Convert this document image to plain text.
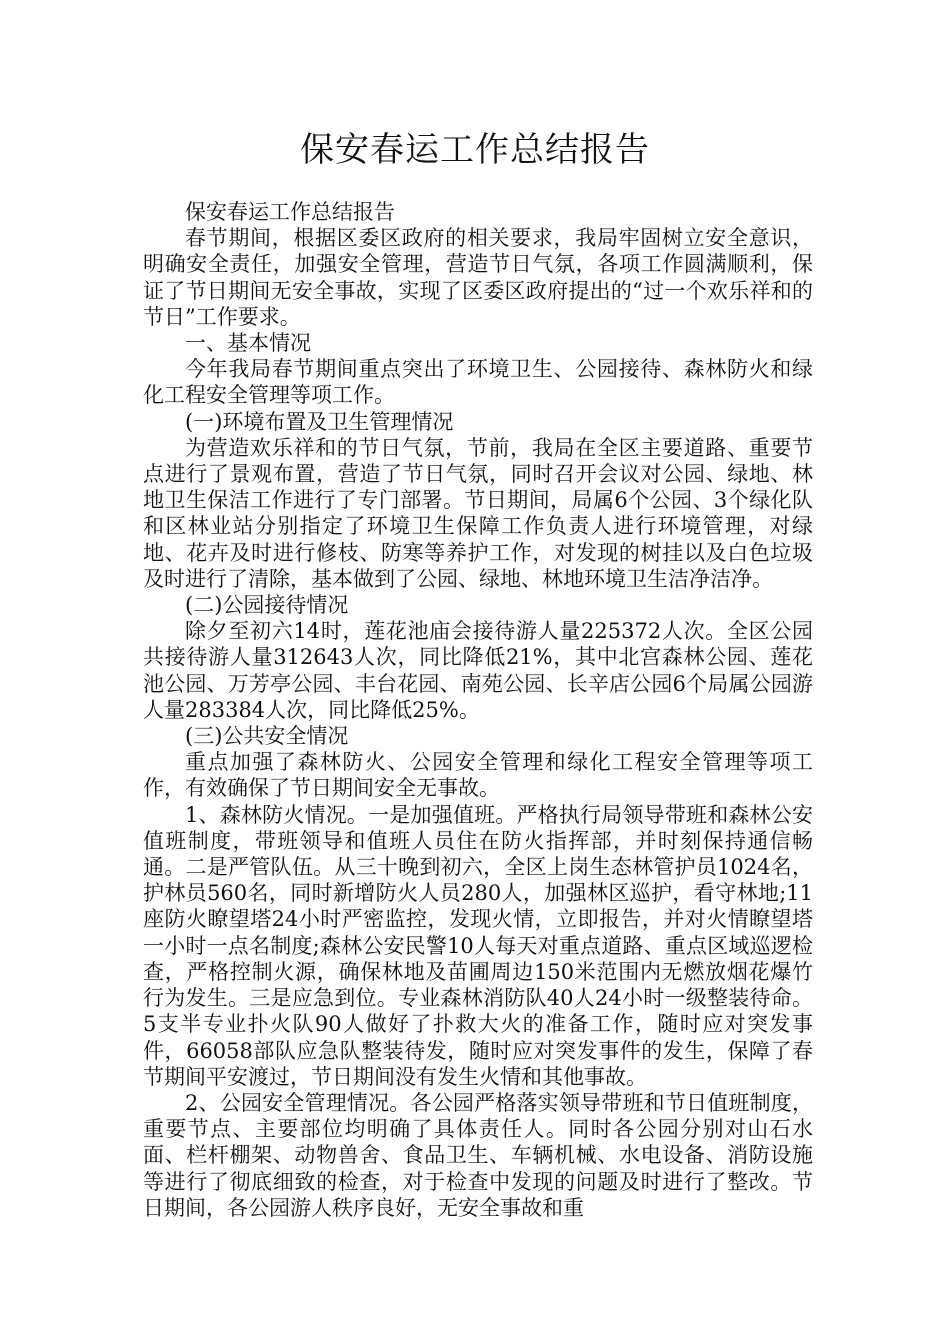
保安春运工作总结报告

保安春运工作总结报告

春节期间，根据区委区政府的相关要求，我局牢固树立安全意识，明确安全责任，加强安全管理，营造节日气氛，各项工作圆满顺利，保证了节日期间无安全事故，实现了区委区政府提出的“过一个欢乐祥和的节日”工作要求。

一、基本情况

今年我局春节期间重点突出了环境卫生、公园接待、森林防火和绿化工程安全管理等项工作。

(一)环境布置及卫生管理情况

为营造欢乐祥和的节日气氛，节前，我局在全区主要道路、重要节点进行了景观布置，营造了节日气氛，同时召开会议对公园、绿地、林地卫生保洁工作进行了专门部署。节日期间，局属6个公园、3个绿化队和区林业站分别指定了环境卫生保障工作负责人进行环境管理，对绿地、花卉及时进行修枝、防寒等养护工作，对发现的树挂以及白色垃圾及时进行了清除，基本做到了公园、绿地、林地环境卫生洁净洁净。

(二)公园接待情况

除夕至初六14时，莲花池庙会接待游人量225372人次。全区公园共接待游人量312643人次，同比降低21%，其中北宫森林公园、莲花池公园、万芳亭公园、丰台花园、南苑公园、长辛店公园6个局属公园游人量283384人次，同比降低25%。

(三)公共安全情况

重点加强了森林防火、公园安全管理和绿化工程安全管理等项工作，有效确保了节日期间安全无事故。

1、森林防火情况。一是加强值班。严格执行局领导带班和森林公安值班制度，带班领导和值班人员住在防火指挥部，并时刻保持通信畅通。二是严管队伍。从三十晚到初六，全区上岗生态林管护员1024名，护林员560名，同时新增防火人员280人，加强林区巡护，看守林地;11座防火瞭望塔24小时严密监控，发现火情，立即报告，并对火情瞭望塔一小时一点名制度;森林公安民警10人每天对重点道路、重点区域巡逻检查，严格控制火源，确保林地及苗圃周边150米范围内无燃放烟花爆竹行为发生。三是应急到位。专业森林消防队40人24小时一级整装待命。5支半专业扑火队90人做好了扑救大火的准备工作，随时应对突发事件，66058部队应急队整装待发，随时应对突发事件的发生，保障了春节期间平安渡过，节日期间没有发生火情和其他事故。

2、公园安全管理情况。各公园严格落实领导带班和节日值班制度，重要节点、主要部位均明确了具体责任人。同时各公园分别对山石水面、栏杆棚架、动物兽舍、食品卫生、车辆机械、水电设备、消防设施等进行了彻底细致的检查，对于检查中发现的问题及时进行了整改。节日期间，各公园游人秩序良好，无安全事故和重
